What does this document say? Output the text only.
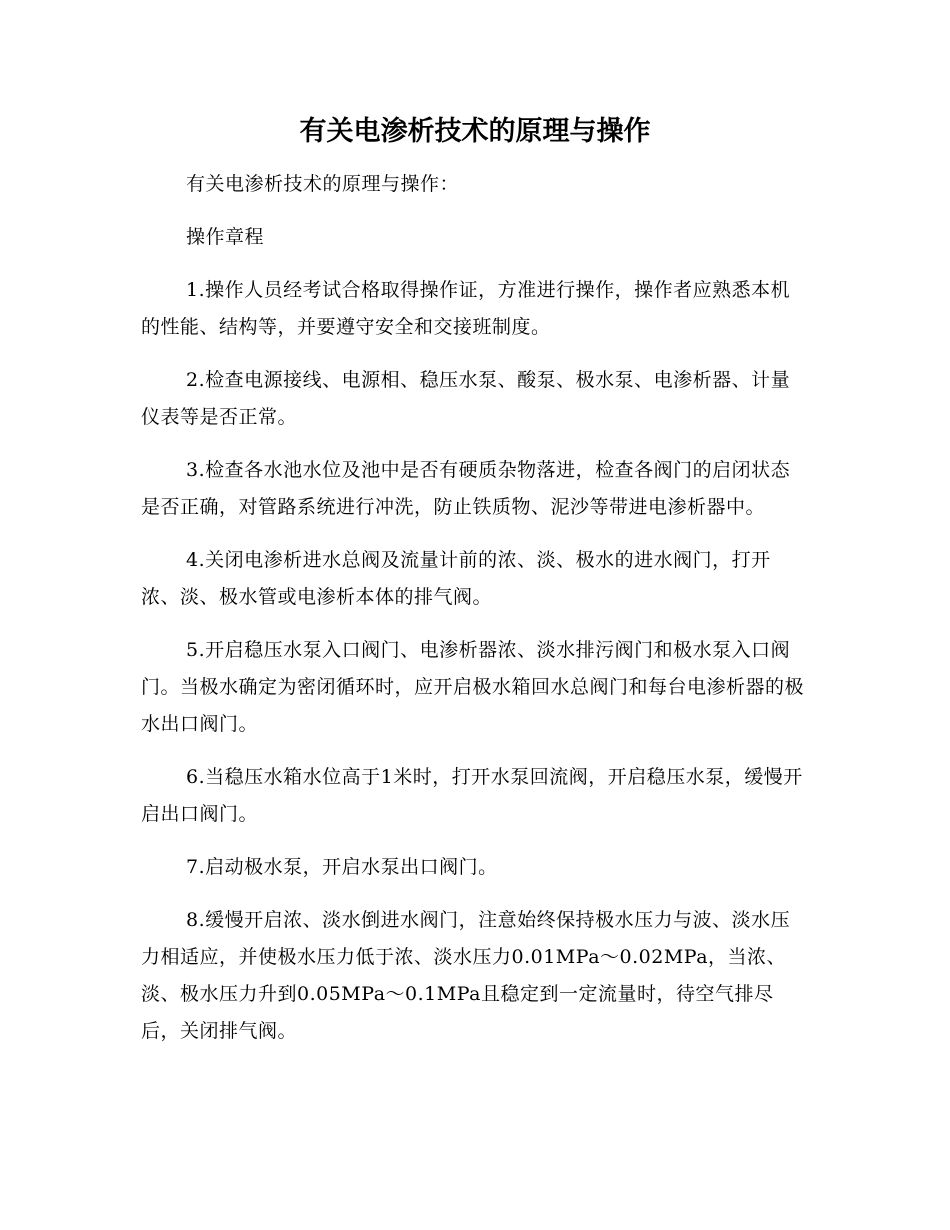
有关电渗析技术的原理与操作

有关电渗析技术的原理与操作：

操作章程

1.操作人员经考试合格取得操作证，方准进行操作，操作者应熟悉本机的性能、结构等，并要遵守安全和交接班制度。

2.检查电源接线、电源相、稳压水泵、酸泵、极水泵、电渗析器、计量仪表等是否正常。

3.检查各水池水位及池中是否有硬质杂物落进，检查各阀门的启闭状态是否正确，对管路系统进行冲洗，防止铁质物、泥沙等带进电渗析器中。

4.关闭电渗析进水总阀及流量计前的浓、淡、极水的进水阀门，打开浓、淡、极水管或电渗析本体的排气阀。

5.开启稳压水泵入口阀门、电渗析器浓、淡水排污阀门和极水泵入口阀门。当极水确定为密闭循环时，应开启极水箱回水总阀门和每台电渗析器的极水出口阀门。

6.当稳压水箱水位高于1米时，打开水泵回流阀，开启稳压水泵，缓慢开启出口阀门。

7.启动极水泵，开启水泵出口阀门。

8.缓慢开启浓、淡水倒进水阀门，注意始终保持极水压力与波、淡水压力相适应，并使极水压力低于浓、淡水压力0.01MPa～0.02MPa，当浓、淡、极水压力升到0.05MPa～0.1MPa且稳定到一定流量时，待空气排尽后，关闭排气阀。
